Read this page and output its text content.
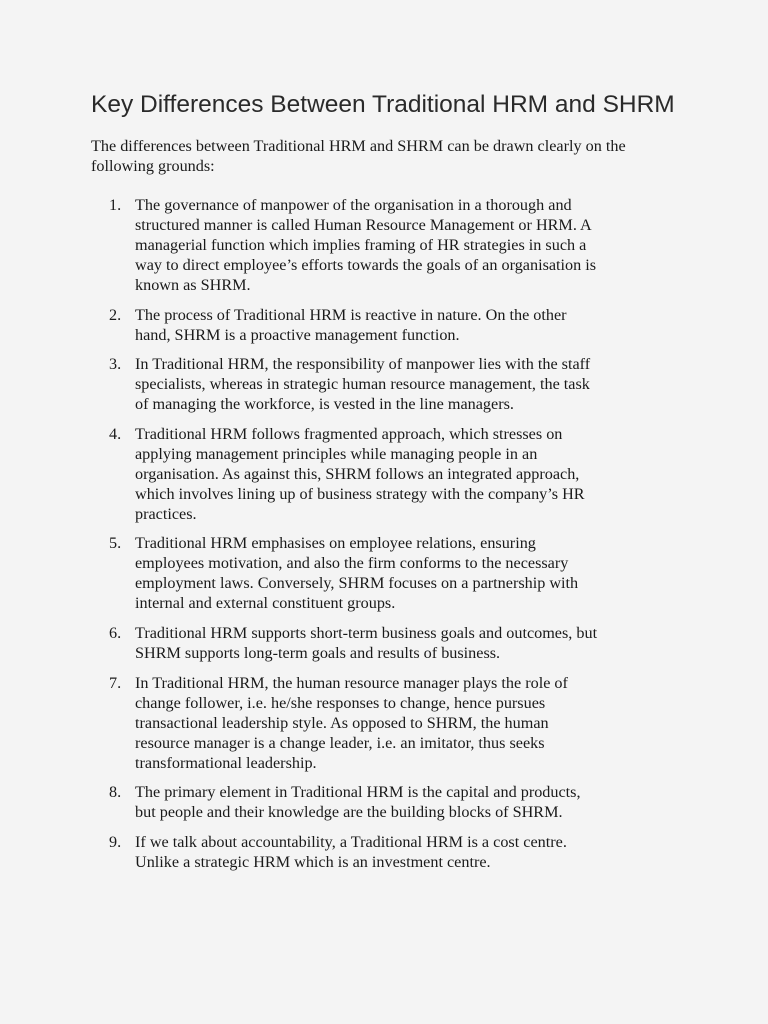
Key Differences Between Traditional HRM and SHRM

The differences between Traditional HRM and SHRM can be drawn clearly on the following grounds:

1. The governance of manpower of the organisation in a thorough and
structured manner is called Human Resource Management or HRM. A
managerial function which implies framing of HR strategies in such a
way to direct employee’s efforts towards the goals of an organisation is
known as SHRM.
2. The process of Traditional HRM is reactive in nature. On the other
hand, SHRM is a proactive management function.
3. In Traditional HRM, the responsibility of manpower lies with the staff
specialists, whereas in strategic human resource management, the task
of managing the workforce, is vested in the line managers.
4. Traditional HRM follows fragmented approach, which stresses on
applying management principles while managing people in an
organisation. As against this, SHRM follows an integrated approach,
which involves lining up of business strategy with the company’s HR
practices.
5. Traditional HRM emphasises on employee relations, ensuring
employees motivation, and also the firm conforms to the necessary
employment laws. Conversely, SHRM focuses on a partnership with
internal and external constituent groups.
6. Traditional HRM supports short-term business goals and outcomes, but
SHRM supports long-term goals and results of business.
7. In Traditional HRM, the human resource manager plays the role of
change follower, i.e. he/she responses to change, hence pursues
transactional leadership style. As opposed to SHRM, the human
resource manager is a change leader, i.e. an imitator, thus seeks
transformational leadership.
8. The primary element in Traditional HRM is the capital and products,
but people and their knowledge are the building blocks of SHRM.
9. If we talk about accountability, a Traditional HRM is a cost centre.
Unlike a strategic HRM which is an investment centre.
